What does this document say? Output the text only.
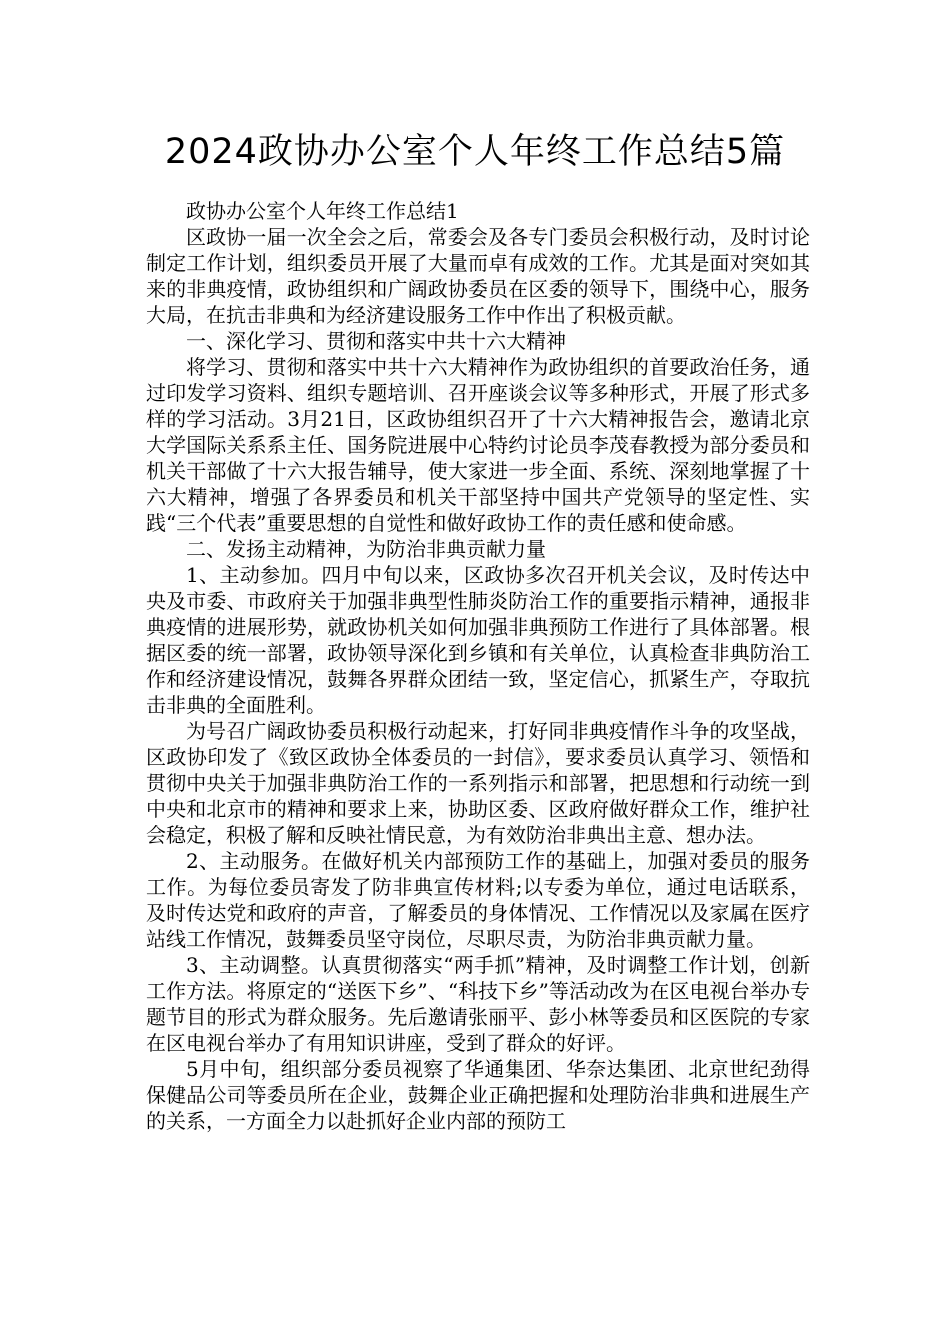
2024政协办公室个人年终工作总结5篇

政协办公室个人年终工作总结1

区政协一届一次全会之后，常委会及各专门委员会积极行动，及时讨论制定工作计划，组织委员开展了大量而卓有成效的工作。尤其是面对突如其来的非典疫情，政协组织和广阔政协委员在区委的领导下，围绕中心，服务大局，在抗击非典和为经济建设服务工作中作出了积极贡献。

一、深化学习、贯彻和落实中共十六大精神

将学习、贯彻和落实中共十六大精神作为政协组织的首要政治任务，通过印发学习资料、组织专题培训、召开座谈会议等多种形式，开展了形式多样的学习活动。3月21日，区政协组织召开了十六大精神报告会，邀请北京大学国际关系系主任、国务院进展中心特约讨论员李茂春教授为部分委员和机关干部做了十六大报告辅导，使大家进一步全面、系统、深刻地掌握了十六大精神，增强了各界委员和机关干部坚持中国共产党领导的坚定性、实践“三个代表”重要思想的自觉性和做好政协工作的责任感和使命感。

二、发扬主动精神，为防治非典贡献力量

1、主动参加。四月中旬以来，区政协多次召开机关会议，及时传达中央及市委、市政府关于加强非典型性肺炎防治工作的重要指示精神，通报非典疫情的进展形势，就政协机关如何加强非典预防工作进行了具体部署。根据区委的统一部署，政协领导深化到乡镇和有关单位，认真检查非典防治工作和经济建设情况，鼓舞各界群众团结一致，坚定信心，抓紧生产，夺取抗击非典的全面胜利。

为号召广阔政协委员积极行动起来，打好同非典疫情作斗争的攻坚战，区政协印发了《致区政协全体委员的一封信》，要求委员认真学习、领悟和贯彻中央关于加强非典防治工作的一系列指示和部署，把思想和行动统一到中央和北京市的精神和要求上来，协助区委、区政府做好群众工作，维护社会稳定，积极了解和反映社情民意，为有效防治非典出主意、想办法。

2、主动服务。在做好机关内部预防工作的基础上，加强对委员的服务工作。为每位委员寄发了防非典宣传材料;以专委为单位，通过电话联系，及时传达党和政府的声音，了解委员的身体情况、工作情况以及家属在医疗站线工作情况，鼓舞委员坚守岗位，尽职尽责，为防治非典贡献力量。

3、主动调整。认真贯彻落实“两手抓”精神，及时调整工作计划，创新工作方法。将原定的“送医下乡”、“科技下乡”等活动改为在区电视台举办专题节目的形式为群众服务。先后邀请张丽平、彭小林等委员和区医院的专家在区电视台举办了有用知识讲座，受到了群众的好评。

5月中旬，组织部分委员视察了华通集团、华奈达集团、北京世纪劲得保健品公司等委员所在企业，鼓舞企业正确把握和处理防治非典和进展生产的关系，一方面全力以赴抓好企业内部的预防工
